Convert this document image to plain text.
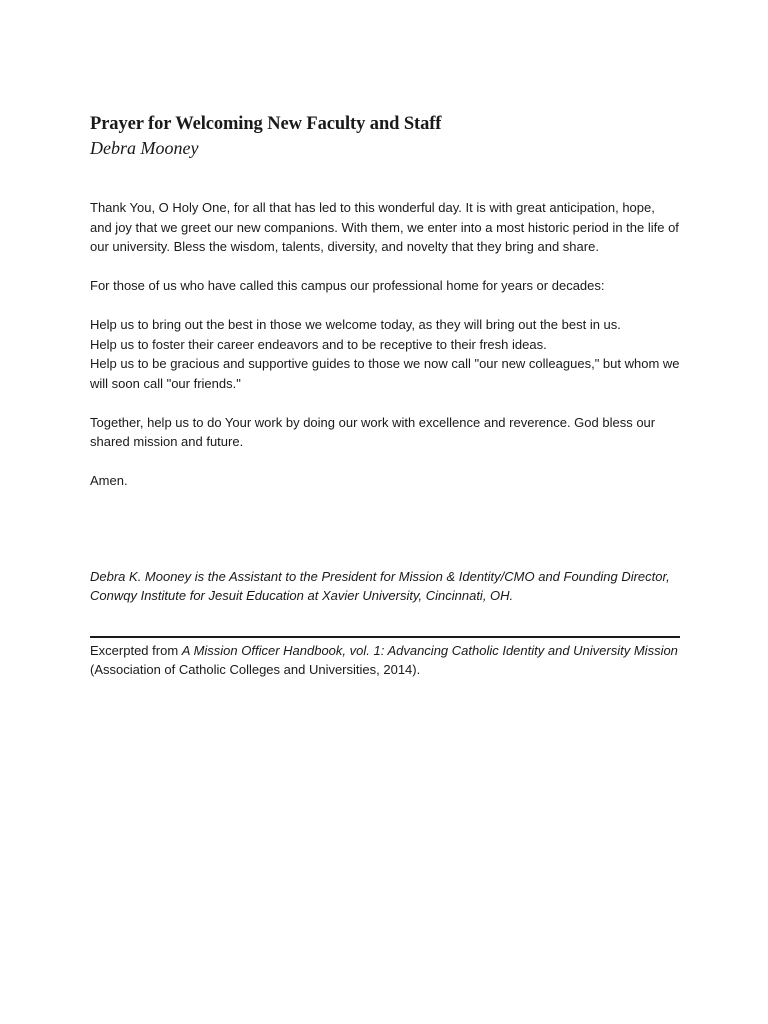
Prayer for Welcoming New Faculty and Staff
Debra Mooney

Thank You, O Holy One, for all that has led to this wonderful day. It is with great anticipation, hope, and joy that we greet our new companions. With them, we enter into a most historic period in the life of our university. Bless the wisdom, talents, diversity, and novelty that they bring and share.

For those of us who have called this campus our professional home for years or decades:

Help us to bring out the best in those we welcome today, as they will bring out the best in us.

Help us to foster their career endeavors and to be receptive to their fresh ideas.

Help us to be gracious and supportive guides to those we now call "our new colleagues," but whom we will soon call "our friends."

Together, help us to do Your work by doing our work with excellence and reverence. God bless our shared mission and future.

Amen.

Debra K. Mooney is the Assistant to the President for Mission & Identity/CMO and Founding Director, Conwqy Institute for Jesuit Education at Xavier University, Cincinnati, OH.

Excerpted from A Mission Officer Handbook, vol. 1: Advancing Catholic Identity and University Mission (Association of Catholic Colleges and Universities, 2014).
